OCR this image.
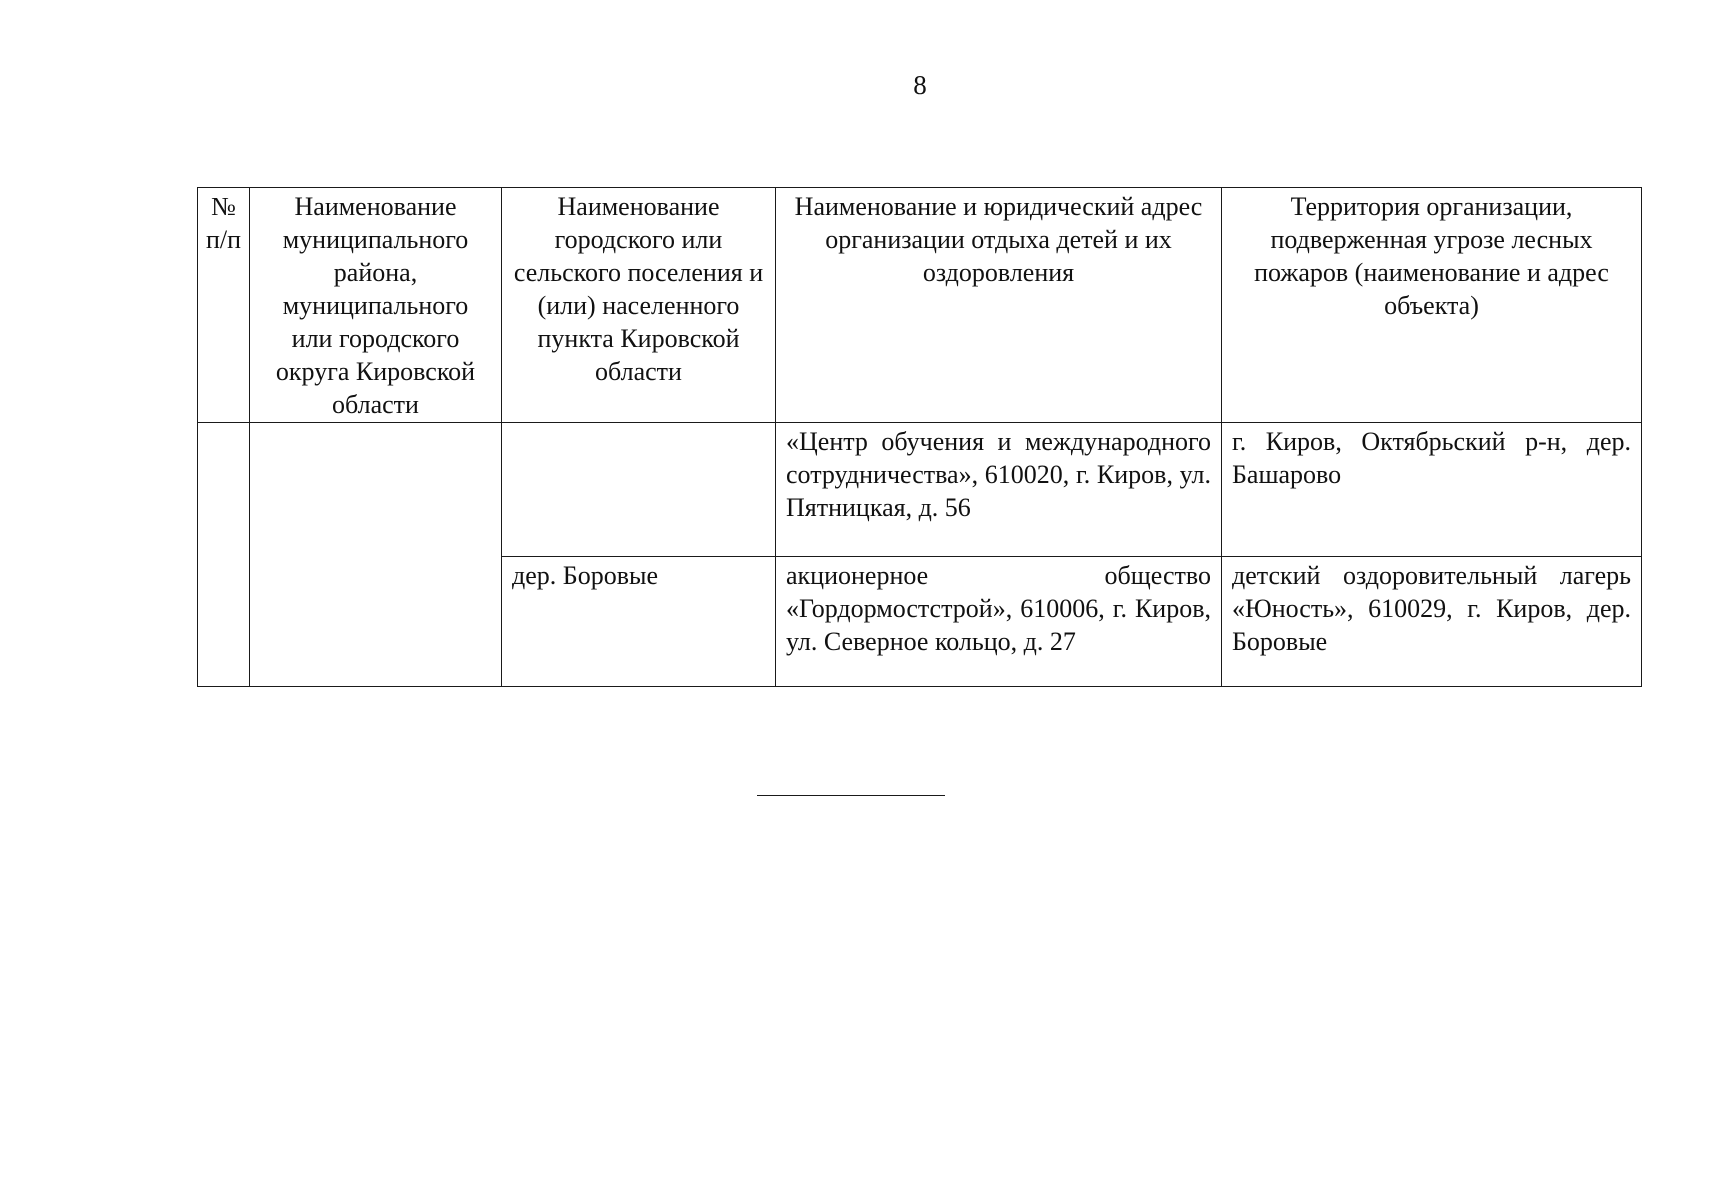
8
№ п/п	Наименование муниципального района, муниципального или городского округа Кировской области	Наименование городского или сельского поселения и (или) населенного пункта Кировской области	Наименование и юридический адрес организации отдыха детей и их оздоровления	Территория организации, подверженная угрозе лесных пожаров (наименование и адрес объекта)
			«Центр обучения и международного сотрудничества», 610020, г. Киров, ул. Пятницкая, д. 56	г. Киров, Октябрьский р-н, дер. Башарово
		дер. Боровые	акционерное общество «Гордормостстрой», 610006, г. Киров, ул. Северное кольцо, д. 27	детский оздоровительный лагерь «Юность», 610029, г. Киров, дер. Боровые
